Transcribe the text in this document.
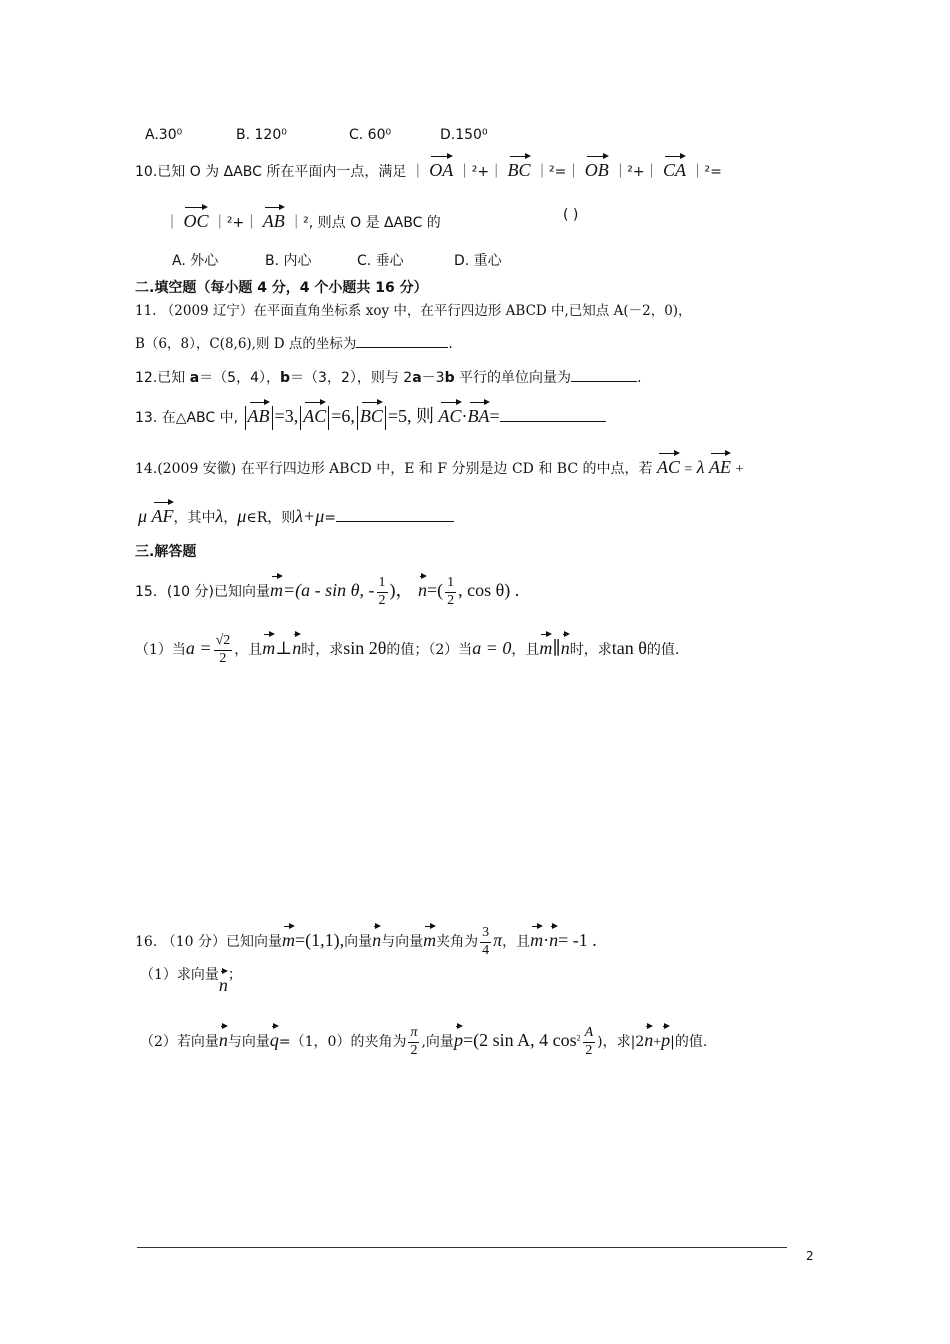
A.30⁰	B. 120⁰	C. 60⁰	D.150⁰
10.已知 O 为 ΔABC 所在平面内一点，满足 ｜ OA ｜²+｜ BC ｜²=｜ OB ｜²+｜ CA ｜²=
｜ OC ｜²+｜ AB ｜², 则点 O 是 ΔABC 的	( )
A. 外心	B. 内心	C. 垂心	D. 重心
二.填空题（每小题 4 分，4 个小题共 16 分）
11. （2009 辽宁）在平面直角坐标系 xoy 中，在平行四边形 ABCD 中,已知点 A(－2，0)，
B（6，8），C(8,6),则 D 点的坐标为	.
12.已知 a＝（5，4），b＝（3，2），则与 2a－3b 平行的单位向量为	.
13. 在△ABC 中, AB =3, AC =6, BC =5, 则 AC·BA=
14.(2009 安徽) 在平行四边形 ABCD 中，E 和 F 分别是边 CD 和 BC 的中点，若 AC = λ AE +
μ AF，其中λ，μ∈R，则λ+μ=
三.解答题
15．(10 分)已知向量m=(a - sin θ, - $\frac{1}{2}$ )， $n=( \frac{1}{2}$ , cos θ) .
（1）当$a = \frac{√2}{2}$ ，且m⊥n时，求sin 2θ的值；（2）当a = 0，且m∥n时，求tan θ的值.
16. （10 分）已知向量m=(1,1),向量n与向量m夹角为 $\frac{3}{4}$ π，且m·n= -1 .
（1）求向量n；
（2）若向量n与向量q=（1，0）的夹角为 $\frac{\pi}{2}$ ,向量p=(2 sin A, 4 $\cos^2 \frac{A}{2}$ )，求|2n+p|的值.
2
